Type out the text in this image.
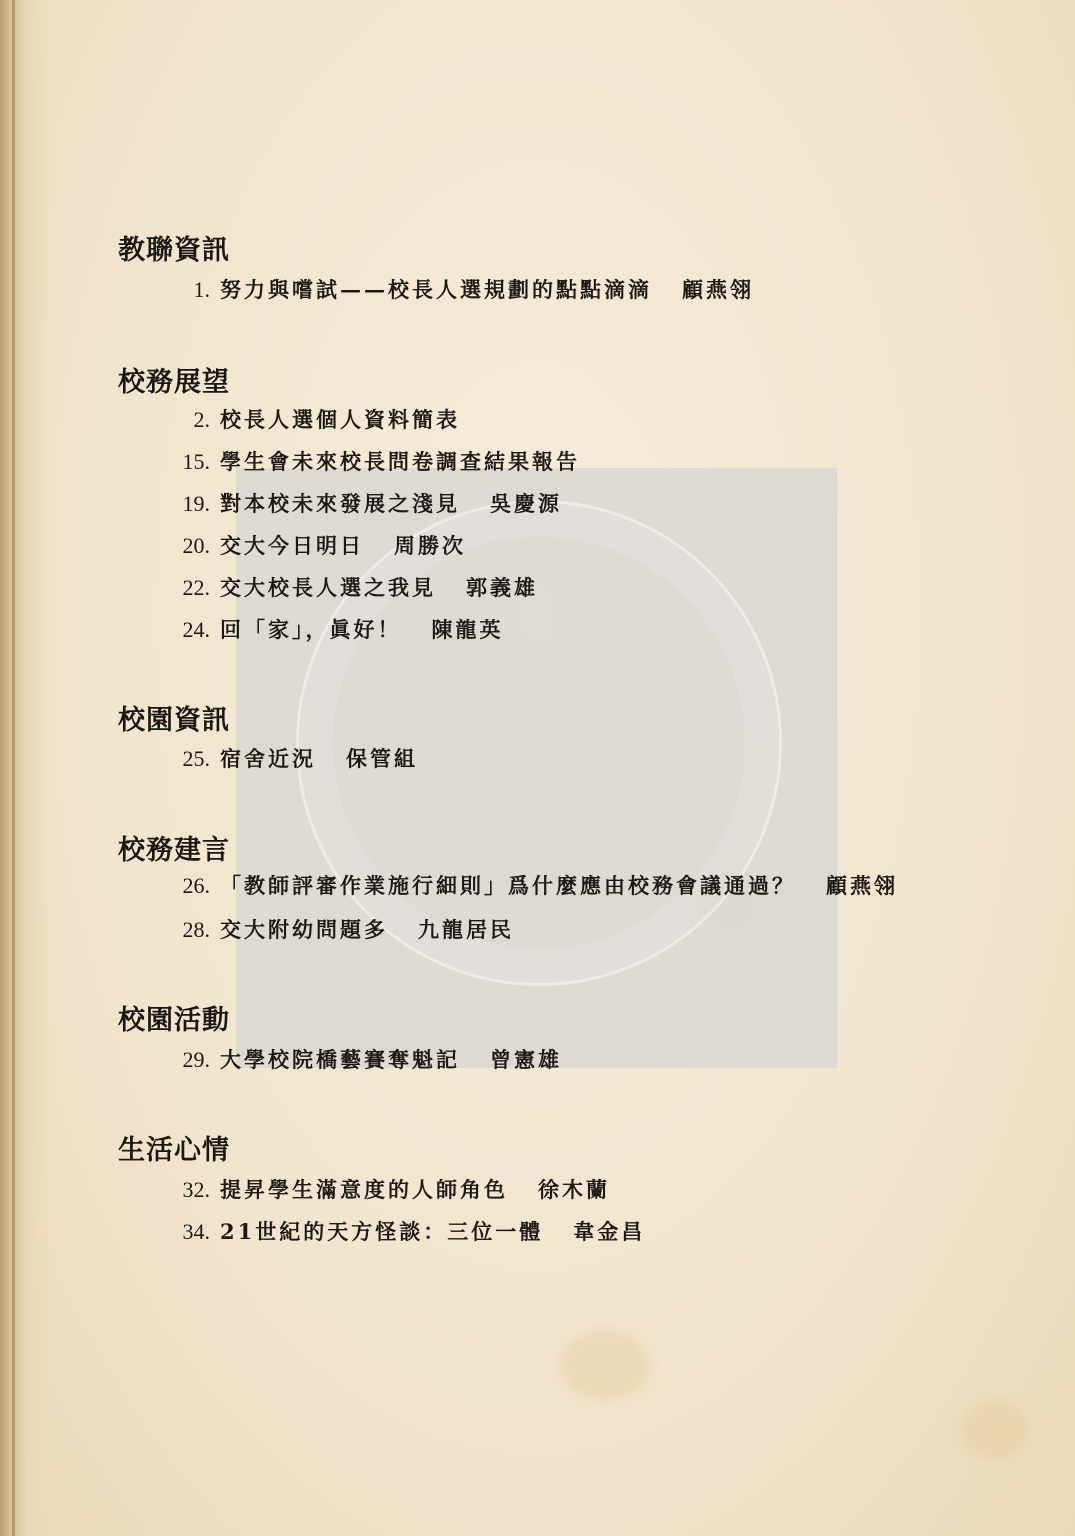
教聯資訊
1. 努力與嚐試——校長人選規劃的點點滴滴 顧燕翎
校務展望
2. 校長人選個人資料簡表
15. 學生會未來校長問卷調查結果報告
19. 對本校未來發展之淺見 吳慶源
20. 交大今日明日 周勝次
22. 交大校長人選之我見 郭義雄
24. 回「家」，眞好！ 陳龍英
校園資訊
25. 宿舍近況 保管組
校務建言
26. 「教師評審作業施行細則」爲什麼應由校務會議通過？ 顧燕翎
28. 交大附幼問題多 九龍居民
校園活動
29. 大學校院橋藝賽奪魁記 曾憲雄
生活心情
32. 提昇學生滿意度的人師角色 徐木蘭
34. 21世紀的天方怪談：三位一體 韋金昌
